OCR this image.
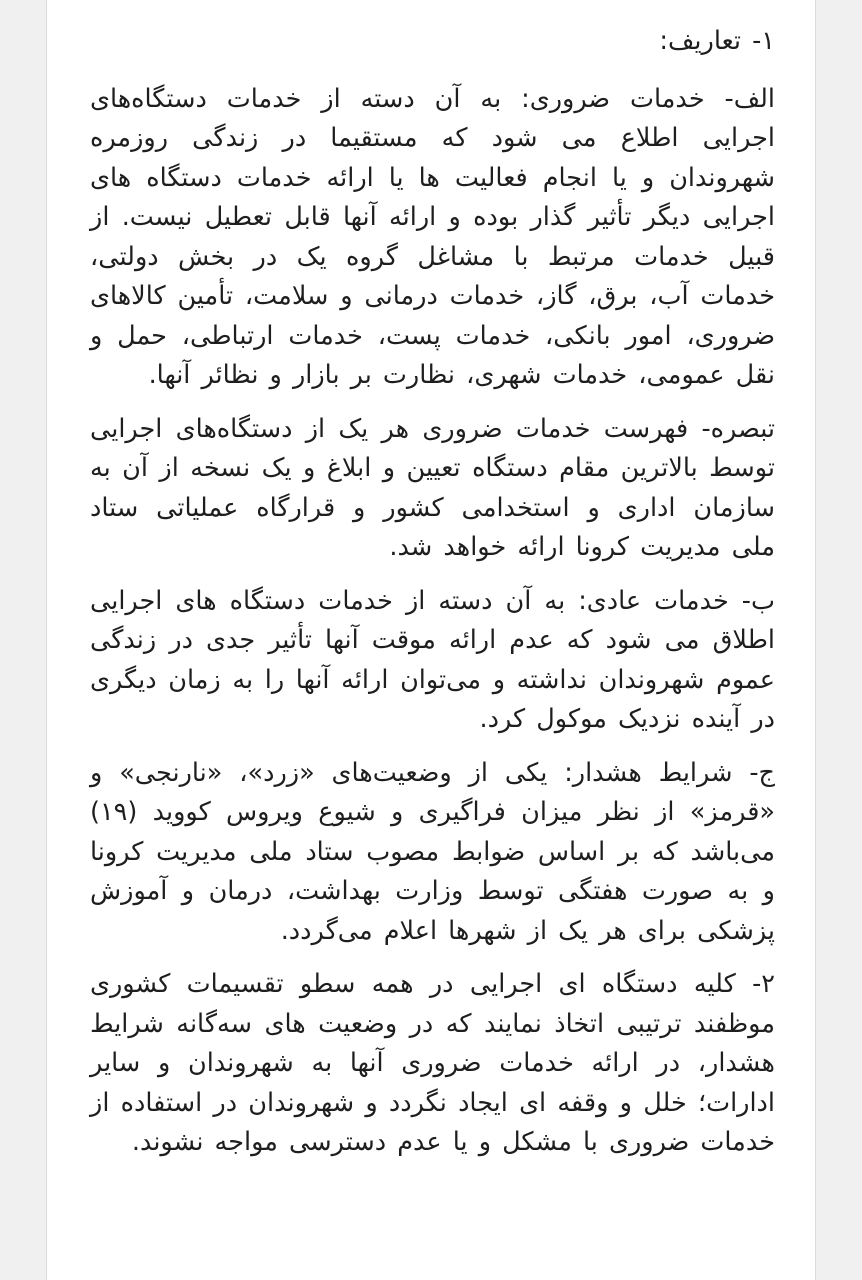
۱- تعاریف:

الف- خدمات ضروری: به آن دسته از خدمات دستگاه‌های اجرایی اطلاع می شود که مستقیما در زندگی روزمره شهروندان و یا انجام فعالیت ها یا ارائه خدمات دستگاه های اجرایی دیگر تأثیر گذار بوده و ارائه آنها قابل تعطیل نیست. از قبیل خدمات مرتبط با مشاغل گروه یک در بخش دولتی، خدمات آب، برق، گاز، خدمات درمانی و سلامت، تأمین کالاهای ضروری، امور بانکی، خدمات پست، خدمات ارتباطی، حمل و نقل عمومی، خدمات شهری، نظارت بر بازار و نظائر آنها.

تبصره- فهرست خدمات ضروری هر یک از دستگاه‌های اجرایی توسط بالاترین مقام دستگاه تعیین و ابلاغ و یک نسخه از آن به سازمان اداری و استخدامی کشور و قرارگاه عملیاتی ستاد ملی مدیریت کرونا ارائه خواهد شد.

ب- خدمات عادی: به آن دسته از خدمات دستگاه های اجرایی اطلاق می شود که عدم ارائه موقت آنها تأثیر جدی در زندگی عموم شهروندان نداشته و می‌توان ارائه آنها را به زمان دیگری در آینده نزدیک موکول کرد.

ج- شرایط هشدار: یکی از وضعیت‌های «زرد»، «نارنجی» و «قرمز» از نظر میزان فراگیری و شیوع ویروس کووید (۱۹) می‌باشد که بر اساس ضوابط مصوب ستاد ملی مدیریت کرونا و به صورت هفتگی توسط وزارت بهداشت، درمان و آموزش پزشکی برای هر یک از شهرها اعلام می‌گردد.

۲- کلیه دستگاه ای اجرایی در همه سطو تقسیمات کشوری موظفند ترتیبی اتخاذ نمایند که در وضعیت های سه‌گانه شرایط هشدار، در ارائه خدمات ضروری آنها به شهروندان و سایر ادارات؛ خلل و وقفه ای ایجاد نگردد و شهروندان در استفاده از خدمات ضروری با مشکل و یا عدم دسترسی مواجه نشوند.
